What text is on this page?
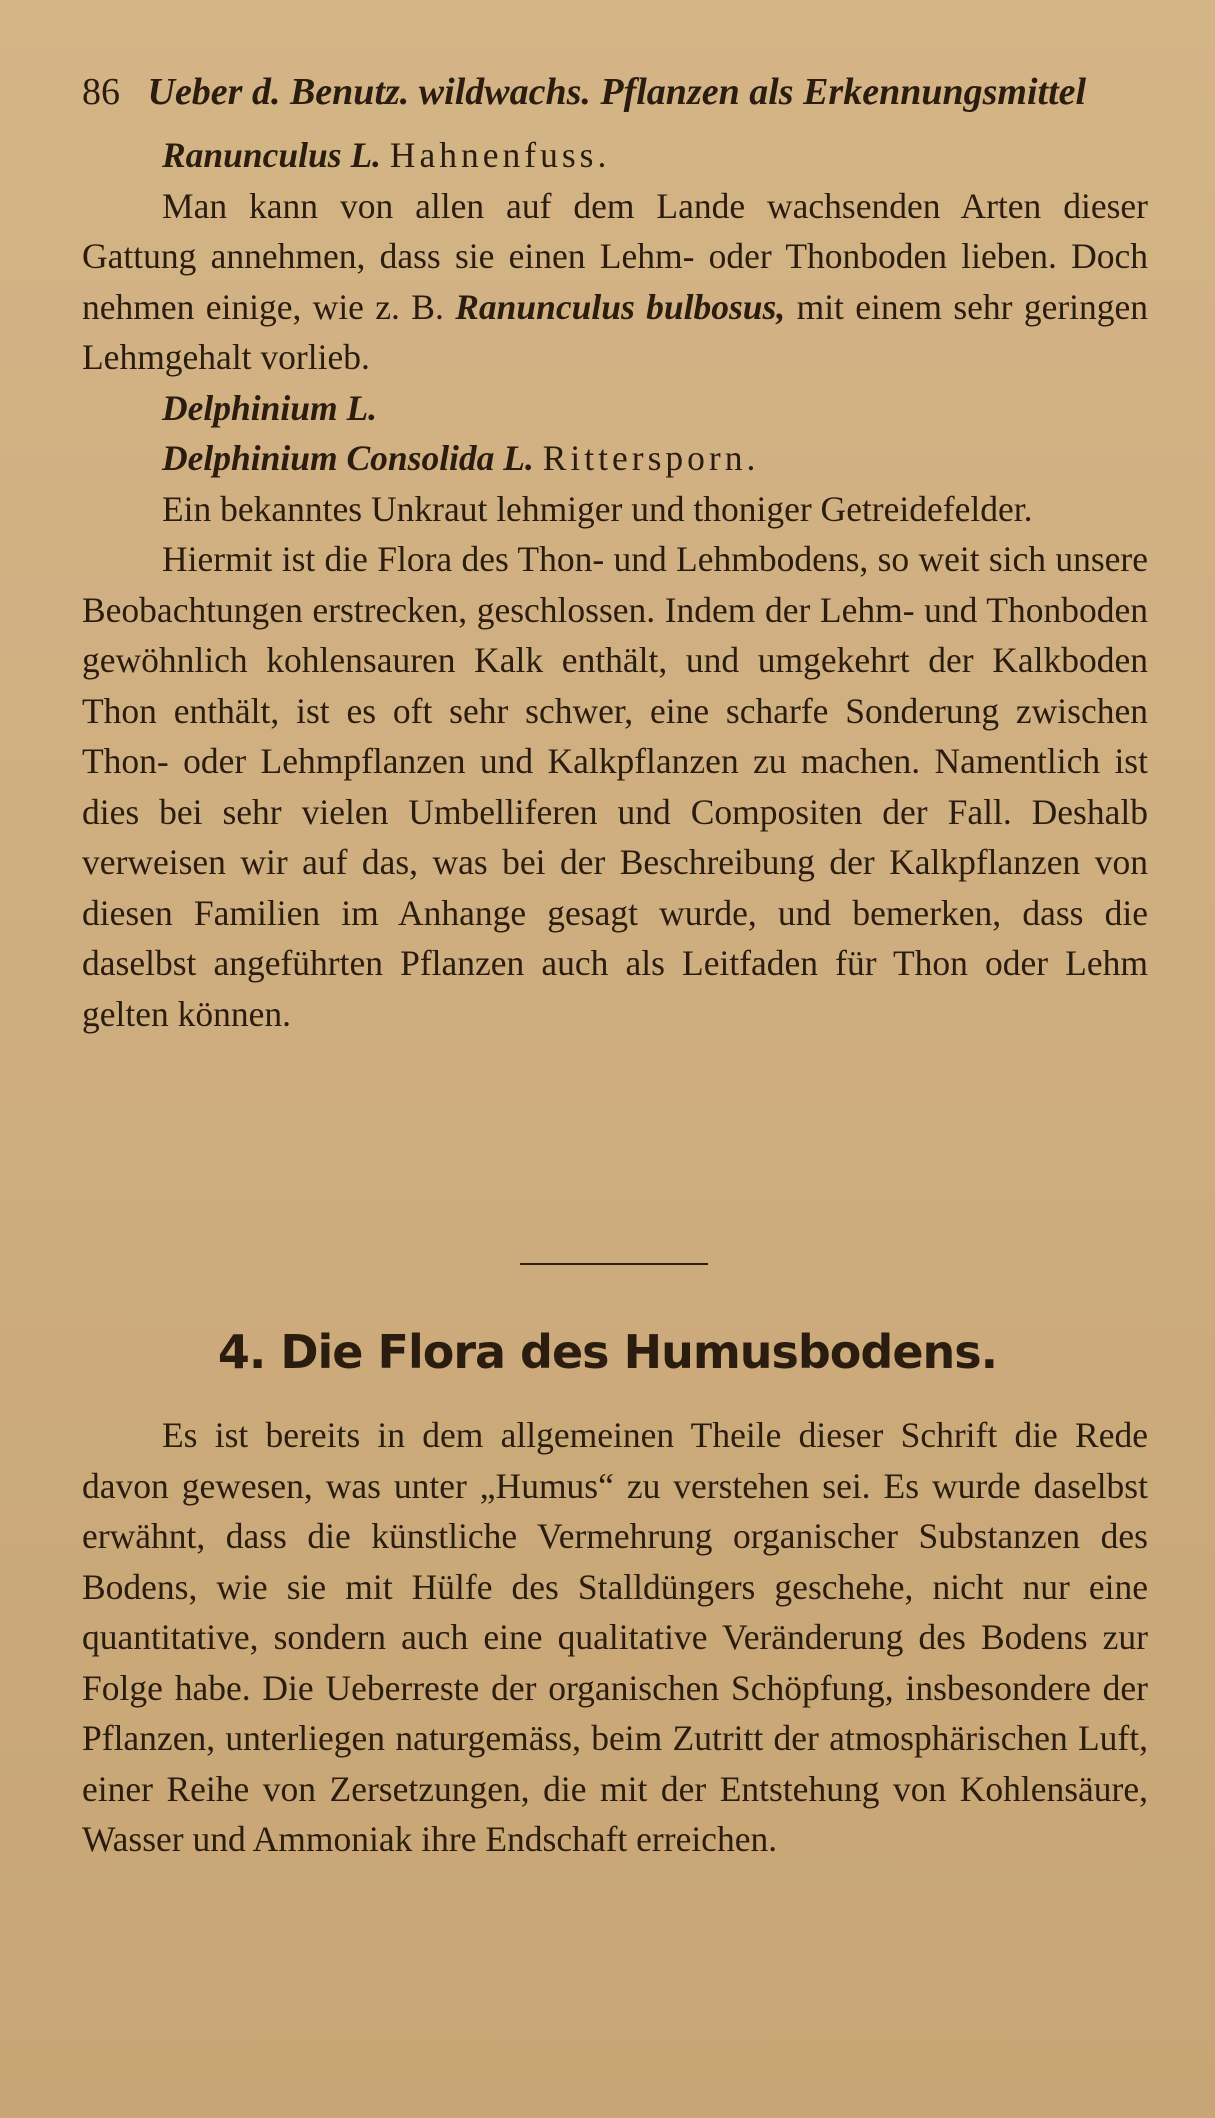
86 Ueber d. Benutz. wildwachs. Pflanzen als Erkennungsmittel

Ranunculus L. Hahnenfuss.

Man kann von allen auf dem Lande wachsenden Arten dieser Gattung annehmen, dass sie einen Lehm- oder Thonboden lieben. Doch nehmen einige, wie z. B. Ranunculus bulbosus, mit einem sehr geringen Lehmgehalt vorlieb.

Delphinium L.

Delphinium Consolida L. Rittersporn.

Ein bekanntes Unkraut lehmiger und thoniger Getreidefelder.

Hiermit ist die Flora des Thon- und Lehmbodens, so weit sich unsere Beobachtungen erstrecken, geschlossen. Indem der Lehm- und Thonboden gewöhnlich kohlensauren Kalk enthält, und umgekehrt der Kalkboden Thon enthält, ist es oft sehr schwer, eine scharfe Sonderung zwischen Thon- oder Lehmpflanzen und Kalkpflanzen zu machen. Namentlich ist dies bei sehr vielen Umbelliferen und Compositen der Fall. Deshalb verweisen wir auf das, was bei der Beschreibung der Kalkpflanzen von diesen Familien im Anhange gesagt wurde, und bemerken, dass die daselbst angeführten Pflanzen auch als Leitfaden für Thon oder Lehm gelten können.

4. Die Flora des Humusbodens.

Es ist bereits in dem allgemeinen Theile dieser Schrift die Rede davon gewesen, was unter „Humus“ zu verstehen sei. Es wurde daselbst erwähnt, dass die künstliche Vermehrung organischer Substanzen des Bodens, wie sie mit Hülfe des Stalldüngers geschehe, nicht nur eine quantitative, sondern auch eine qualitative Veränderung des Bodens zur Folge habe. Die Ueberreste der organischen Schöpfung, insbesondere der Pflanzen, unterliegen naturgemäss, beim Zutritt der atmosphärischen Luft, einer Reihe von Zersetzungen, die mit der Entstehung von Kohlensäure, Wasser und Ammoniak ihre Endschaft erreichen.
